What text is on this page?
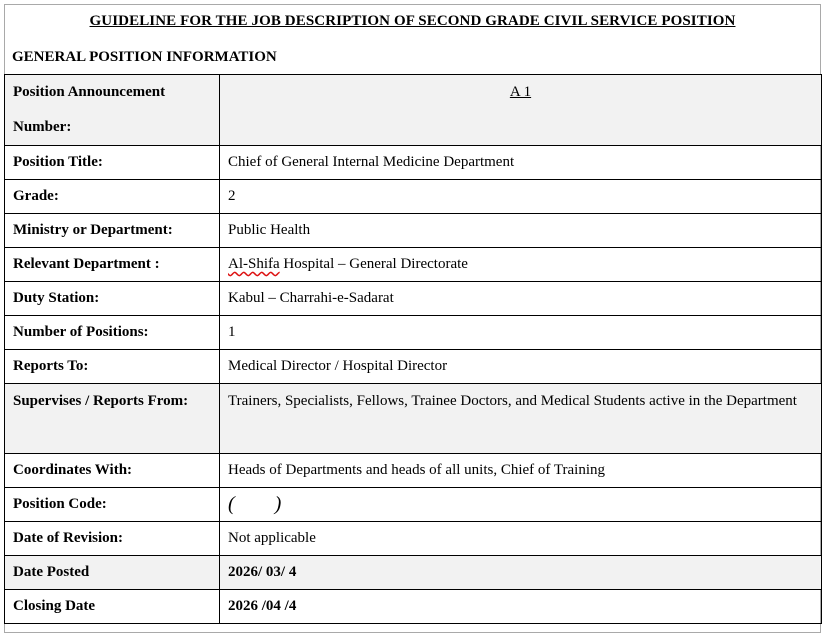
GUIDELINE FOR THE JOB DESCRIPTION OF SECOND GRADE CIVIL SERVICE POSITION
GENERAL POSITION INFORMATION
Position Announcement Number:	A 1
Position Title:	Chief of General Internal Medicine Department
Grade:	2
Ministry or Department:	Public Health
Relevant Department :	Al-Shifa Hospital – General Directorate
Duty Station:	Kabul – Charrahi-e-Sadarat
Number of Positions:	1
Reports To:	Medical Director / Hospital Director
Supervises / Reports From:	Trainers, Specialists, Fellows, Trainee Doctors, and Medical Students active in the Department
Coordinates With:	Heads of Departments and heads of all units, Chief of Training
Position Code:	(        )
Date of Revision:	Not applicable
Date Posted	2026/ 03/ 4
Closing Date	2026 /04 /4
